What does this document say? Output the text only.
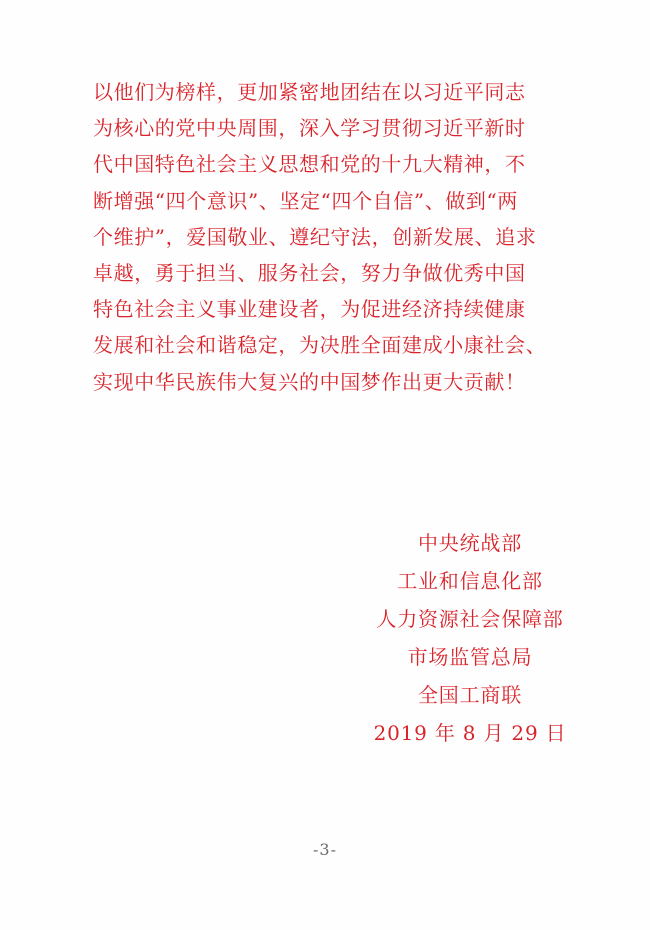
以他们为榜样，更加紧密地团结在以习近平同志
为核心的党中央周围，深入学习贯彻习近平新时
代中国特色社会主义思想和党的十九大精神，不
断增强“四个意识”、坚定“四个自信”、做到“两
个维护”，爱国敬业、遵纪守法，创新发展、追求
卓越，勇于担当、服务社会，努力争做优秀中国
特色社会主义事业建设者，为促进经济持续健康
发展和社会和谐稳定，为决胜全面建成小康社会、
实现中华民族伟大复兴的中国梦作出更大贡献！
中央统战部
工业和信息化部
人力资源社会保障部
市场监管总局
全国工商联
2019 年 8 月 29 日
-3-
